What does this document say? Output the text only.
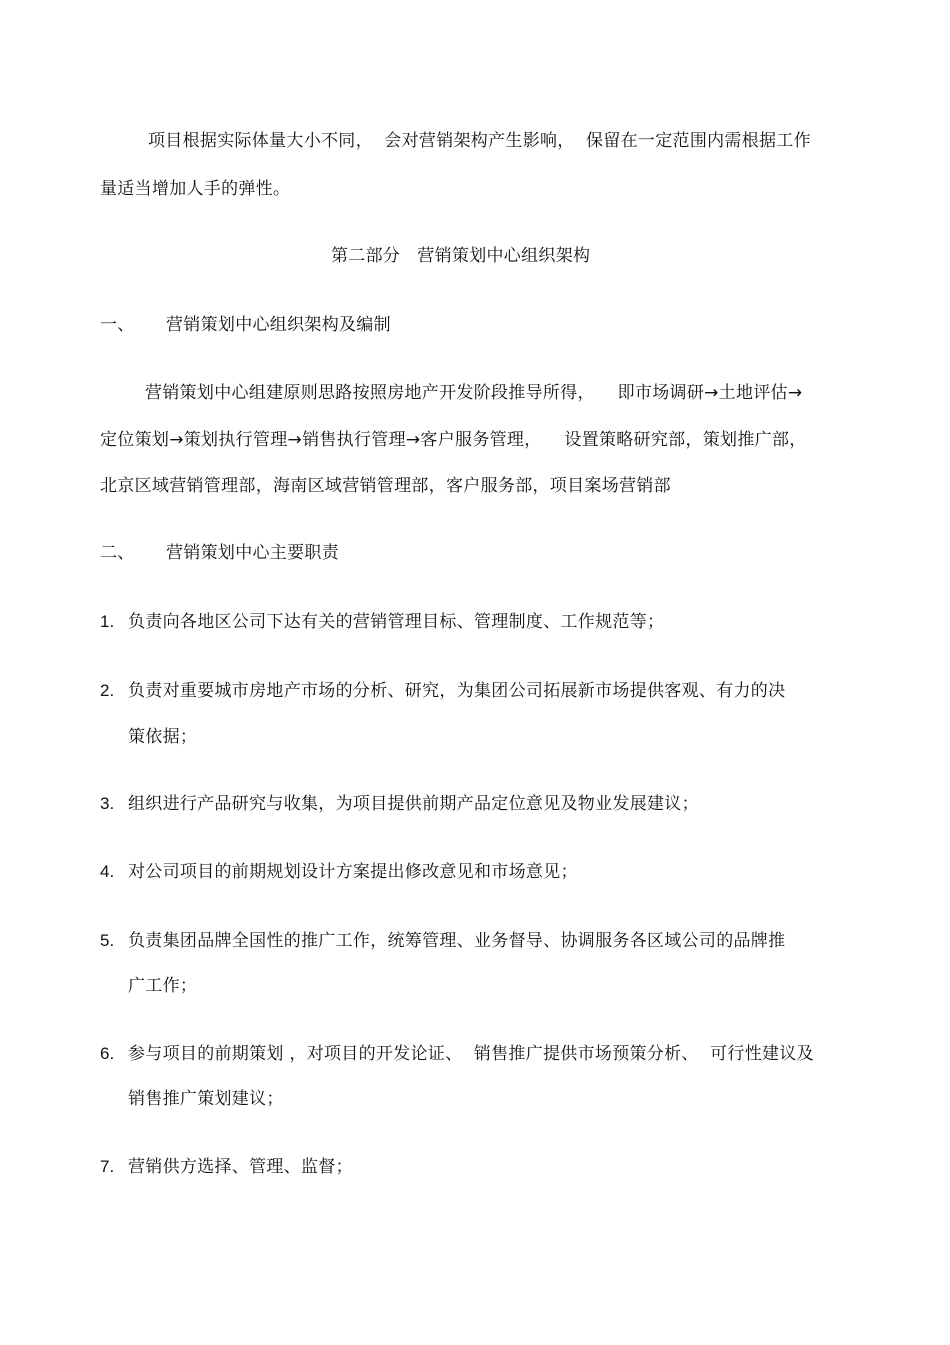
项目根据实际体量大小不同，  会对营销架构产生影响，  保留在一定范围内需根据工作
量适当增加人手的弹性。
第二部分   营销策划中心组织架构
一、 营销策划中心组织架构及编制
营销策划中心组建原则思路按照房地产开发阶段推导所得，    即市场调研→土地评估→
定位策划→策划执行管理→销售执行管理→客户服务管理，    设置策略研究部，策划推广部，
北京区域营销管理部，海南区域营销管理部，客户服务部，项目案场营销部
二、 营销策划中心主要职责
1. 负责向各地区公司下达有关的营销管理目标、管理制度、工作规范等；
2. 负责对重要城市房地产市场的分析、研究，为集团公司拓展新市场提供客观、有力的决
策依据；
3. 组织进行产品研究与收集，为项目提供前期产品定位意见及物业发展建议；
4. 对公司项目的前期规划设计方案提出修改意见和市场意见；
5. 负责集团品牌全国性的推广工作，统筹管理、业务督导、协调服务各区域公司的品牌推
广工作；
6. 参与项目的前期策划 ，对项目的开发论证、  销售推广提供市场预策分析、  可行性建议及
销售推广策划建议；
7. 营销供方选择、管理、监督；
